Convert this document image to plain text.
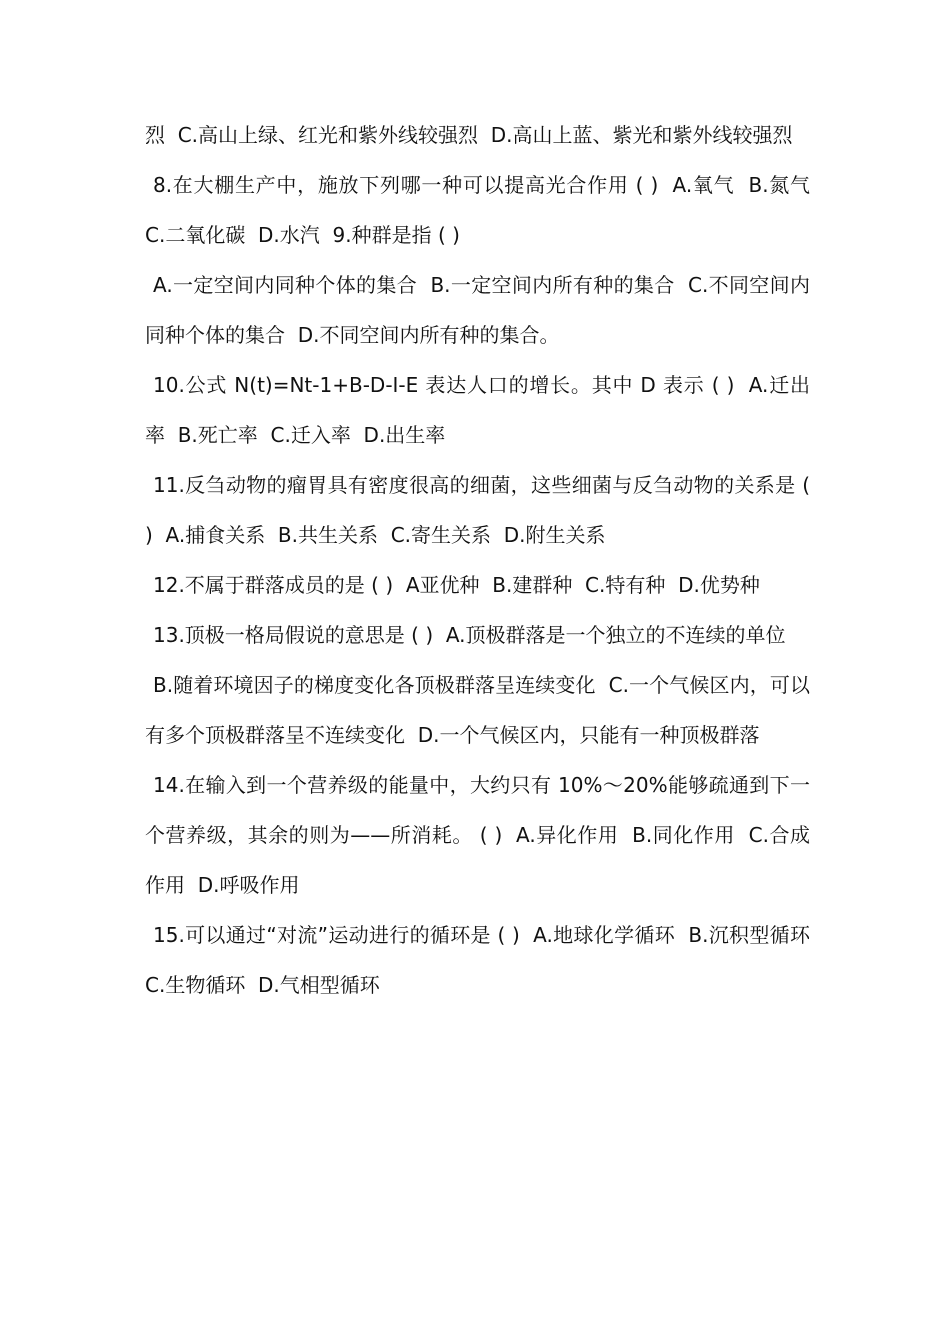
烈  C.高山上绿、红光和紫外线较强烈  D.高山上蓝、紫光和紫外线较强烈

8.在大棚生产中，施放下列哪一种可以提高光合作用 ( )  A.氧气  B.氮气  C.二氧化碳  D.水汽  9.种群是指 ( )

A.一定空间内同种个体的集合  B.一定空间内所有种的集合  C.不同空间内同种个体的集合  D.不同空间内所有种的集合。

10.公式 N(t)=Nt-1+B-D-I-E 表达人口的增长。其中 D 表示 ( )  A.迁出率  B.死亡率  C.迁入率  D.出生率

11.反刍动物的瘤胃具有密度很高的细菌，这些细菌与反刍动物的关系是 ( )  A.捕食关系  B.共生关系  C.寄生关系  D.附生关系

12.不属于群落成员的是 ( )  A亚优种  B.建群种  C.特有种  D.优势种

13.顶极一格局假说的意思是 ( )  A.顶极群落是一个独立的不连续的单位

B.随着环境因子的梯度变化各顶极群落呈连续变化  C.一个气候区内，可以有多个顶极群落呈不连续变化  D.一个气候区内，只能有一种顶极群落

14.在输入到一个营养级的能量中，大约只有 10%～20%能够疏通到下一个营养级，其余的则为——所消耗。 ( )  A.异化作用  B.同化作用  C.合成作用  D.呼吸作用

15.可以通过“对流”运动进行的循环是 ( )  A.地球化学循环  B.沉积型循环  C.生物循环  D.气相型循环
